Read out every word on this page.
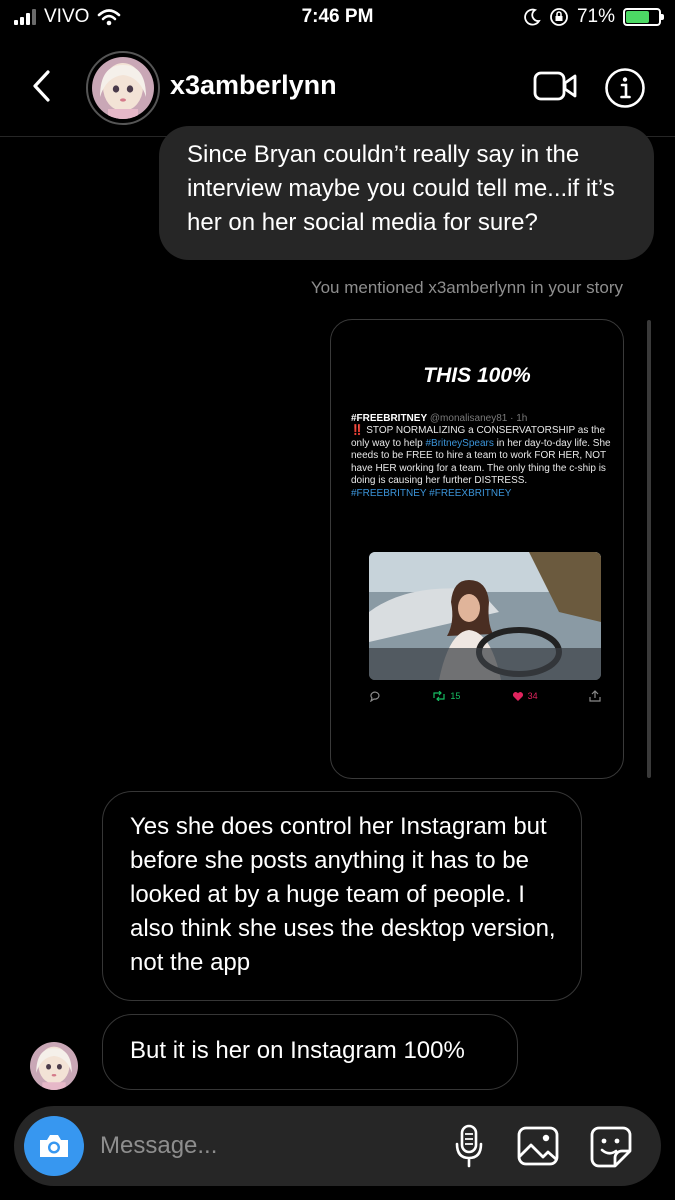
VIVO	7:46 PM	71%
x3amberlynn
Since Bryan couldn’t really say in the interview maybe you could tell me...if it’s her on her social media for sure?
You mentioned x3amberlynn in your story
THIS 100%
#FREEBRITNEY @monalisaney81 · 1h
‼️ STOP NORMALIZING a CONSERVATORSHIP as the only way to help #BritneySpears in her day-to-day life. She needs to be FREE to hire a team to work FOR HER, NOT have HER working for a team. The only thing the c-ship is doing is causing her further DISTRESS.
#FREEBRITNEY #FREEXBRITNEY
15	34
Yes she does control her Instagram but before she posts anything it has to be looked at by a huge team of people. I also think she uses the desktop version, not the app
But it is her on Instagram 100%
Message...
